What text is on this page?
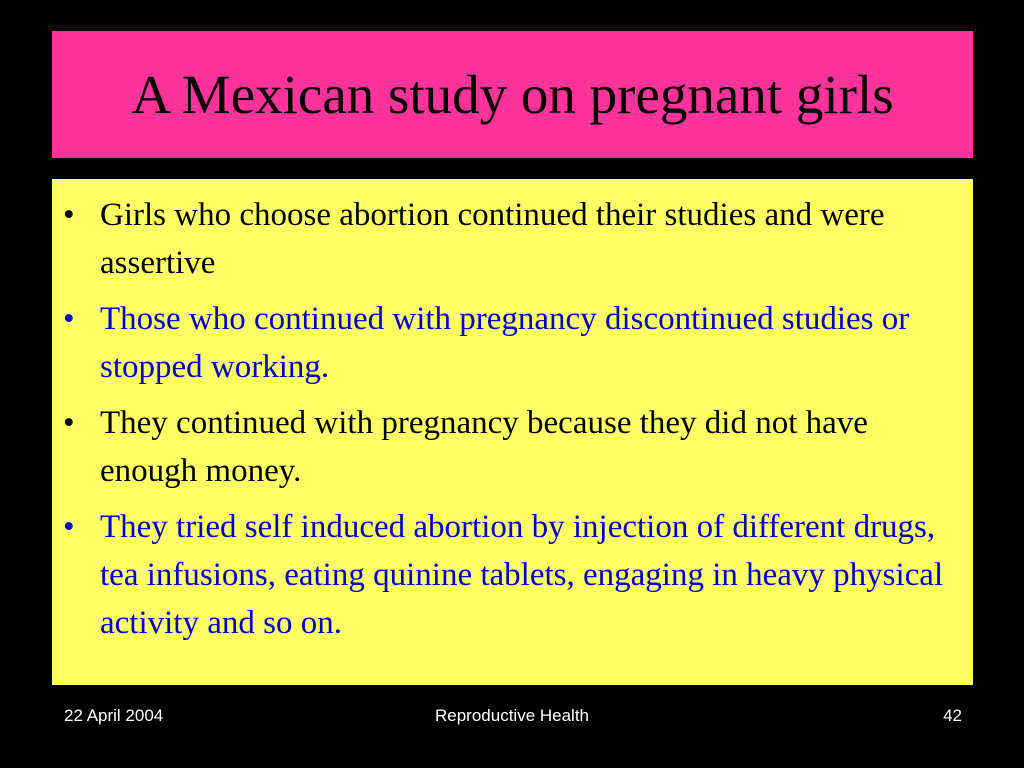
A Mexican study on pregnant girls
• Girls who choose abortion continued their studies and were assertive
• Those who continued with pregnancy discontinued studies or stopped working.
• They continued with pregnancy because they did not have enough money.
• They tried self induced abortion by injection of different drugs, tea infusions, eating quinine tablets, engaging in heavy physical activity and so on.
22 April 2004	Reproductive Health	42
